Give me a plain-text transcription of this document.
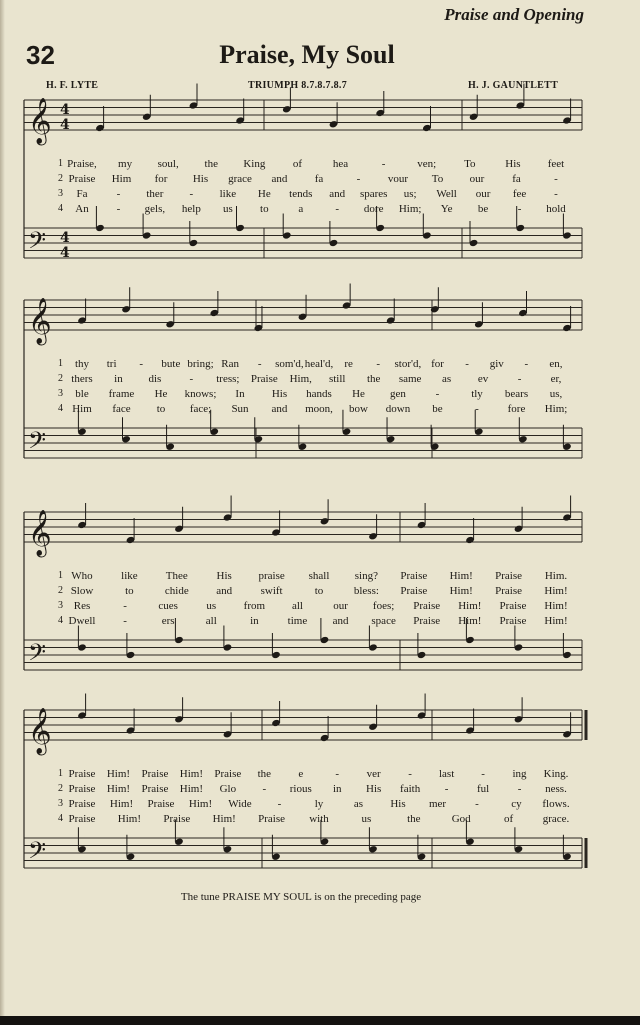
Praise and Opening
32	Praise, My Soul
H. F. LYTE	TRIUMPH 8.7.8.7.8.7	H. J. GAUNTLETT
𝄞
𝄢
4
4
4
4
1 Praise, my soul, the King	of	hea	-	ven;	To	His feet
2 Praise Him for His grace and fa	-	vour To our	fa	-
3 Fa	- ther - like He tends and spares us; Well our fee	-
4 An	- gels, help us to	a	- dore Him; Ye be	- hold
𝄞
𝄢
1 thy tri - bute bring; Ran - som'd, heal'd, re - stor'd, for - giv - en,
2 thers in dis	- tress; Praise Him, still the same as ev	-	er,
3 ble frame He knows; In His hands He gen	-	tly bears us,
4 Him face to face; Sun and moon, bow down be	-	fore Him;
𝄞
𝄢
1 Who	like	Thee	His praise shall sing? Praise Him! Praise Him.
2 Slow	to	chide	and	swift	to	bless: Praise Him! Praise Him!
3 Res	-	cues	us	from all	our foes; Praise Him! Praise Him!
4 Dwell	-	ers	all	in	time and space Praise Him! Praise Him!
𝄞
𝄢
1 Praise Him! Praise Him! Praise the e	-	ver	- last -	ing King.
2 Praise Him! Praise Him! Glo - rious in His faith -	ful	- ness.
3 Praise Him! Praise Him! Wide -	ly	as His mer	-	cy flows.
4 Praise Him! Praise Him! Praise with	us	the	God	of	grace.
The tune PRAISE MY SOUL is on the preceding page
